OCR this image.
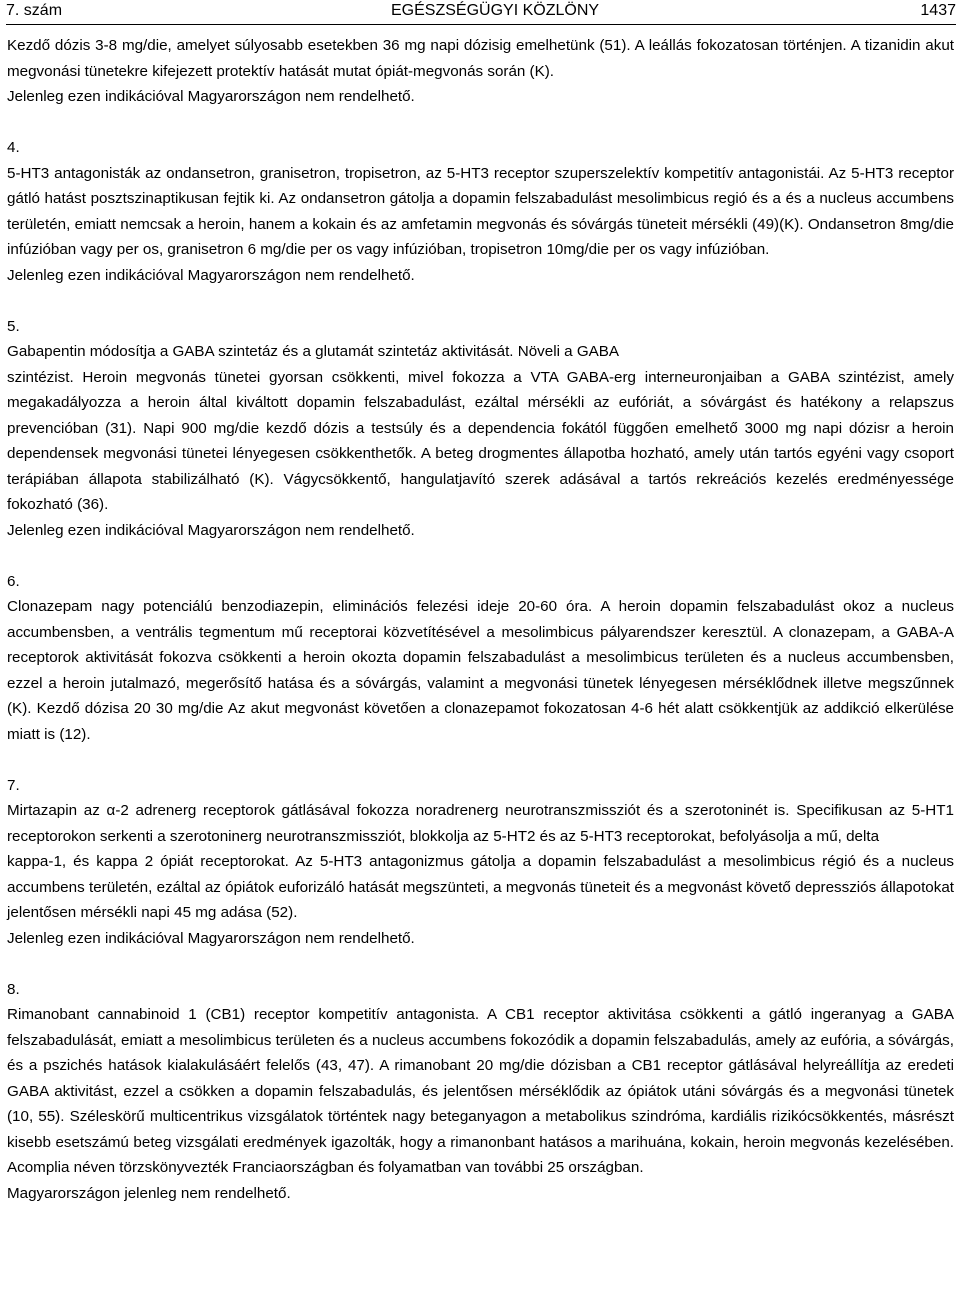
7. szám	EGÉSZSÉGÜGYI KÖZLÖNY	1437

Kezdő dózis 3-8 mg/die, amelyet súlyosabb esetekben 36 mg napi dózisig emelhetünk (51). A leállás fokozatosan történjen. A tizanidin akut megvonási tünetekre kifejezett protektív hatását mutat ópiát-megvonás során (K).

Jelenleg ezen indikációval Magyarországon nem rendelhető.

4.

5-HT3 antagonisták az ondansetron, granisetron, tropisetron, az 5-HT3 receptor szuperszelektív kompetitív antagonistái. Az 5-HT3 receptor gátló hatást posztszinaptikusan fejtik ki. Az ondansetron gátolja a dopamin felszabadulást mesolimbicus regió és a és a nucleus accumbens területén, emiatt nemcsak a heroin, hanem a kokain és az amfetamin megvonás és sóvárgás tüneteit mérsékli (49)(K). Ondansetron 8mg/die infúzióban vagy per os, granisetron 6 mg/die per os vagy infúzióban, tropisetron 10mg/die per os vagy infúzióban.

Jelenleg ezen indikációval Magyarországon nem rendelhető.

5.

Gabapentin módosítja a GABA szintetáz és a glutamát szintetáz aktivitását. Növeli a GABA

szintézist. Heroin megvonás tünetei gyorsan csökkenti, mivel fokozza a VTA GABA-erg interneuronjaiban a GABA szintézist, amely megakadályozza a heroin által kiváltott dopamin felszabadulást, ezáltal mérsékli az eufóriát, a sóvárgást és hatékony a relapszus prevencióban (31). Napi 900 mg/die kezdő dózis a testsúly és a dependencia fokától függően emelhető 3000 mg napi dózisr a heroin dependensek megvonási tünetei lényegesen csökkenthetők. A beteg drogmentes állapotba hozható, amely után tartós egyéni vagy csoport terápiában állapota stabilizálható (K). Vágycsökkentő, hangulatjavító szerek adásával a tartós rekreációs kezelés eredményessége fokozható (36).

Jelenleg ezen indikációval Magyarországon nem rendelhető.

6.

Clonazepam nagy potenciálú benzodiazepin, eliminációs felezési ideje 20-60 óra. A heroin dopamin felszabadulást okoz a nucleus accumbensben, a ventrális tegmentum mű receptorai közvetítésével a mesolimbicus pályarendszer keresztül. A clonazepam, a GABA-A receptorok aktivitását fokozva csökkenti a heroin okozta dopamin felszabadulást a mesolimbicus területen és a nucleus accumbensben, ezzel a heroin jutalmazó, megerősítő hatása és a sóvárgás, valamint a megvonási tünetek lényegesen mérséklődnek illetve megszűnnek (K). Kezdő dózisa 20 30 mg/die Az akut megvonást követően a clonazepamot fokozatosan 4-6 hét alatt csökkentjük az addikció elkerülése miatt is (12).

7.

Mirtazapin az α-2 adrenerg receptorok gátlásával fokozza noradrenerg neurotranszmissziót és a szerotoninét is. Specifikusan az 5-HT1 receptorokon serkenti a szerotoninerg neurotranszmissziót, blokkolja az 5-HT2 és az 5-HT3 receptorokat, befolyásolja a mű, delta

kappa-1, és kappa 2 ópiát receptorokat. Az 5-HT3 antagonizmus gátolja a dopamin felszabadulást a mesolimbicus régió és a nucleus accumbens területén, ezáltal az ópiátok euforizáló hatását megszünteti, a megvonás tüneteit és a megvonást követő depressziós állapotokat jelentősen mérsékli napi 45 mg adása (52).

Jelenleg ezen indikációval Magyarországon nem rendelhető.

8.

Rimanobant cannabinoid 1 (CB1) receptor kompetitív antagonista. A CB1 receptor aktivitása csökkenti a gátló ingeranyag a GABA felszabadulását, emiatt a mesolimbicus területen és a nucleus accumbens fokozódik a dopamin felszabadulás, amely az eufória, a sóvárgás, és a pszichés hatások kialakulásáért felelős (43, 47). A rimanobant 20 mg/die dózisban a CB1 receptor gátlásával helyreállítja az eredeti GABA aktivitást, ezzel a csökken a dopamin felszabadulás, és jelentősen mérséklődik az ópiátok utáni sóvárgás és a megvonási tünetek (10, 55). Széleskörű multicentrikus vizsgálatok történtek nagy beteganyagon a metabolikus szindróma, kardiális rizikócsökkentés, másrészt kisebb esetszámú beteg vizsgálati eredmények igazolták, hogy a rimanonbant hatásos a marihuána, kokain, heroin megvonás kezelésében. Acomplia néven törzskönyvezték Franciaországban és folyamatban van további 25 országban.

Magyarországon jelenleg nem rendelhető.
